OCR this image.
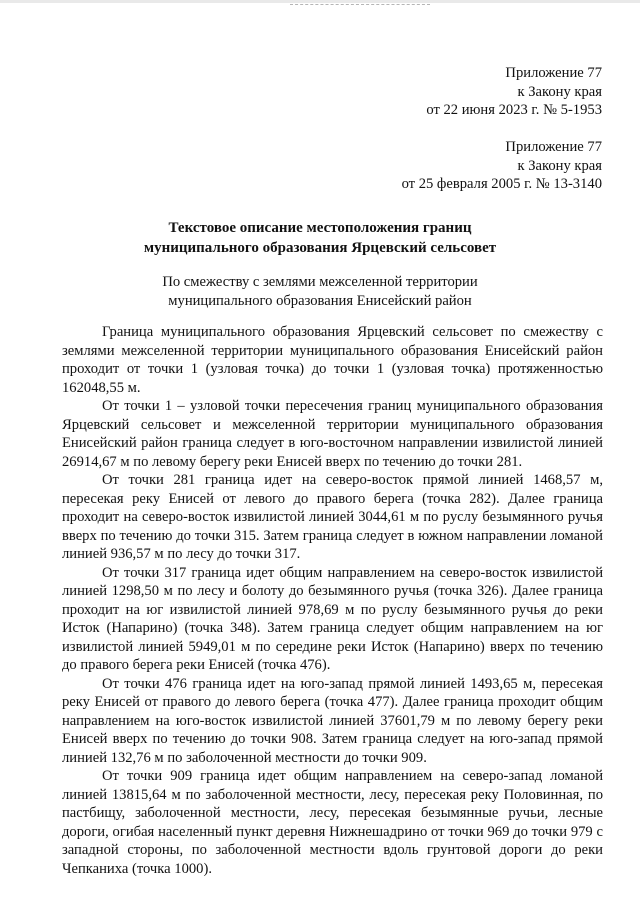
Приложение 77
к Закону края
от 22 июня 2023 г. № 5-1953
Приложение 77
к Закону края
от 25 февраля 2005 г. № 13-3140
Текстовое описание местоположения границ
муниципального образования Ярцевский сельсовет
По смежеству с землями межселенной территории
муниципального образования Енисейский район

Граница муниципального образования Ярцевский сельсовет по смежеству с землями межселенной территории муниципального образования Енисейский район проходит от точки 1 (узловая точка) до точки 1 (узловая точка) протяженностью 162048,55 м.

От точки 1 – узловой точки пересечения границ муниципального образования Ярцевский сельсовет и межселенной территории муниципального образования Енисейский район граница следует в юго-восточном направлении извилистой линией 26914,67 м по левому берегу реки Енисей вверх по течению до точки 281.

От точки 281 граница идет на северо-восток прямой линией 1468,57 м, пересекая реку Енисей от левого до правого берега (точка 282). Далее граница проходит на северо-восток извилистой линией 3044,61 м по руслу безымянного ручья вверх по течению до точки 315. Затем граница следует в южном направлении ломаной линией 936,57 м по лесу до точки 317.

От точки 317 граница идет общим направлением на северо-восток извилистой линией 1298,50 м по лесу и болоту до безымянного ручья (точка 326). Далее граница проходит на юг извилистой линией 978,69 м по руслу безымянного ручья до реки Исток (Напарино) (точка 348). Затем граница следует общим направлением на юг извилистой линией 5949,01 м по середине реки Исток (Напарино) вверх по течению до правого берега реки Енисей (точка 476).

От точки 476 граница идет на юго-запад прямой линией 1493,65 м, пересекая реку Енисей от правого до левого берега (точка 477). Далее граница проходит общим направлением на юго-восток извилистой линией 37601,79 м по левому берегу реки Енисей вверх по течению до точки 908. Затем граница следует на юго-запад прямой линией 132,76 м по заболоченной местности до точки 909.

От точки 909 граница идет общим направлением на северо-запад ломаной линией 13815,64 м по заболоченной местности, лесу, пересекая реку Половинная, по пастбищу, заболоченной местности, лесу, пересекая безымянные ручьи, лесные дороги, огибая населенный пункт деревня Нижнешадрино от точки 969 до точки 979 с западной стороны, по заболоченной местности вдоль грунтовой дороги до реки Чепканиха (точка 1000).
